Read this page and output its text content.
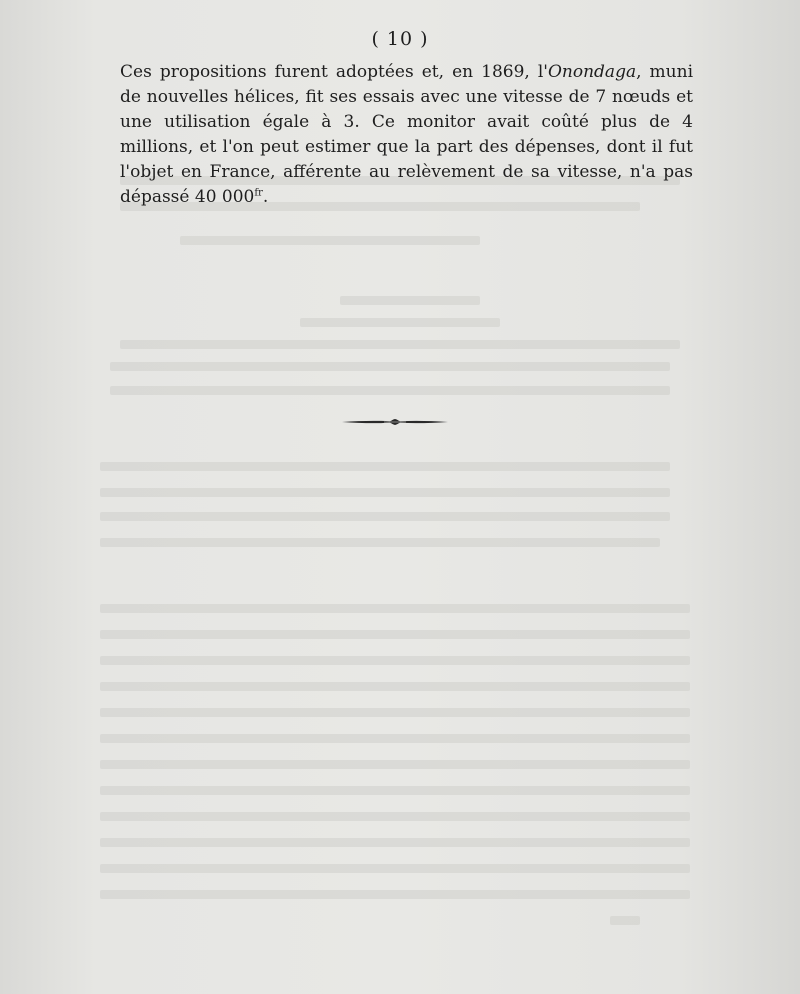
( 10 )

Ces propositions furent adoptées et, en 1869, l'Onondaga, muni de nouvelles hélices, fit ses essais avec une vitesse de 7 nœuds et une utilisation égale à 3. Ce monitor avait coûté plus de 4 millions, et l'on peut estimer que la part des dépenses, dont il fut l'objet en France, afférente au relèvement de sa vitesse, n'a pas dépassé 40 $000^{fr}$.
